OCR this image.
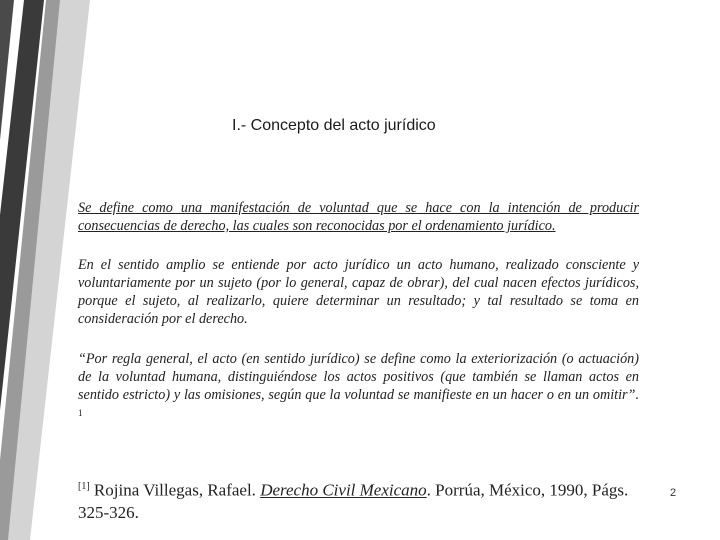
I.- Concepto del acto jurídico

Se define como una manifestación de voluntad que se hace con la intención de producir consecuencias de derecho, las cuales son reconocidas por el ordenamiento jurídico.

En el sentido amplio se entiende por acto jurídico un acto humano, realizado consciente y voluntariamente por un sujeto (por lo general, capaz de obrar), del cual nacen efectos jurídicos, porque el sujeto, al realizarlo, quiere determinar un resultado; y tal resultado se toma en consideración por el derecho.

“Por regla general, el acto (en sentido jurídico) se define como la exteriorización (o actuación) de la voluntad humana, distinguiéndose los actos positivos (que también se llaman actos en sentido estricto) y las omisiones, según que la voluntad se manifieste en un hacer o en un omitir”. $^1$

[1] Rojina Villegas, Rafael. Derecho Civil Mexicano. Porrúa, México, 1990, Págs. 325-326.

2
